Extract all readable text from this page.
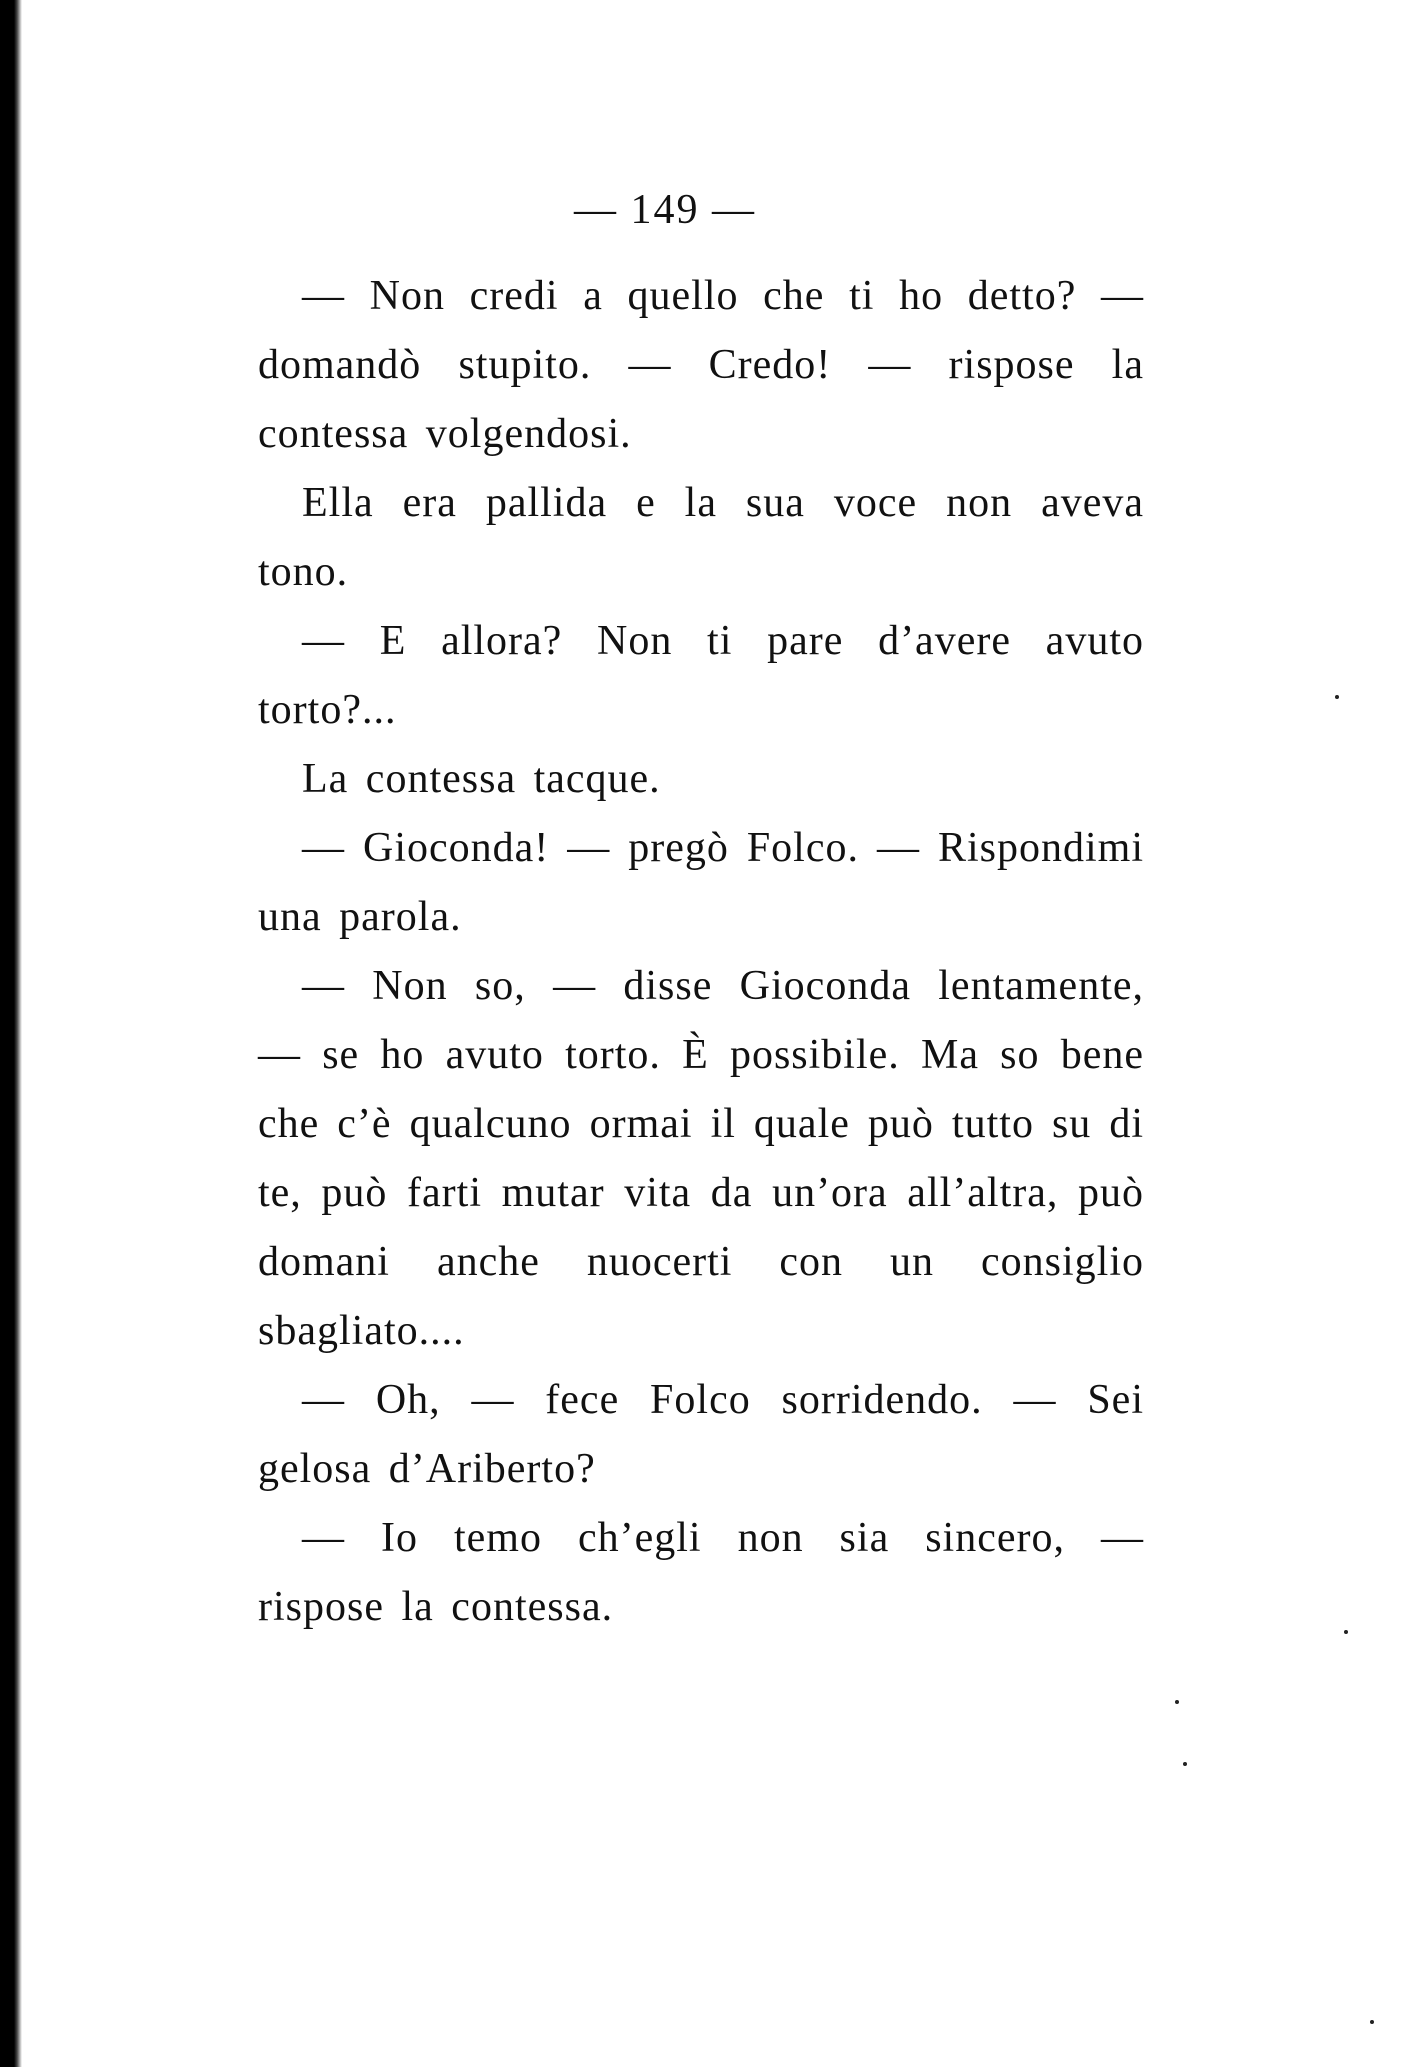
— 149 —

— Non credi a quello che ti ho detto? — domandò stupito. — Credo! — rispose la contessa volgendosi.

Ella era pallida e la sua voce non aveva tono.

— E allora? Non ti pare d’avere avuto torto?...

La contessa tacque.

— Gioconda! — pregò Folco. — Rispondimi una parola.

— Non so, — disse Gioconda lentamente, — se ho avuto torto. È possibile. Ma so bene che c’è qualcuno ormai il quale può tutto su di te, può farti mutar vita da un’ora all’altra, può domani anche nuocerti con un consiglio sbagliato....

— Oh, — fece Folco sorridendo. — Sei gelosa d’Ariberto?

— Io temo ch’egli non sia sincero, — rispose la contessa.
